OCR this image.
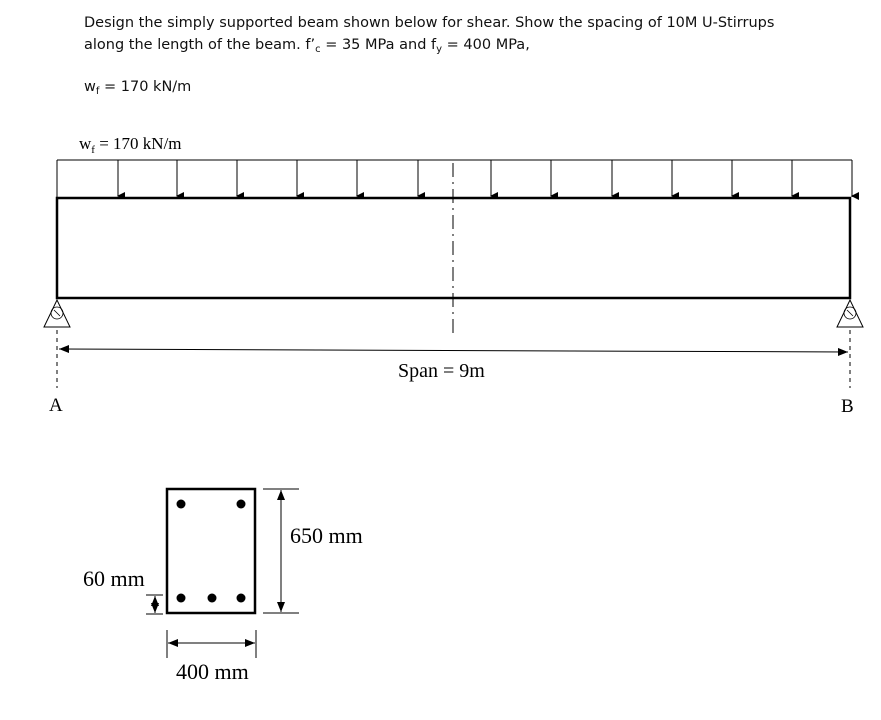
Design the simply supported beam shown below for shear. Show the spacing of 10M U-Stirrups

along the length of the beam. $f’_c = 35$ MPa and $f_y = 400$ MPa,

$w_f = 170$ kN/m
$w_f = 170$ kN/m
Span = 9m
A	B
650 mm
60 mm
400 mm
